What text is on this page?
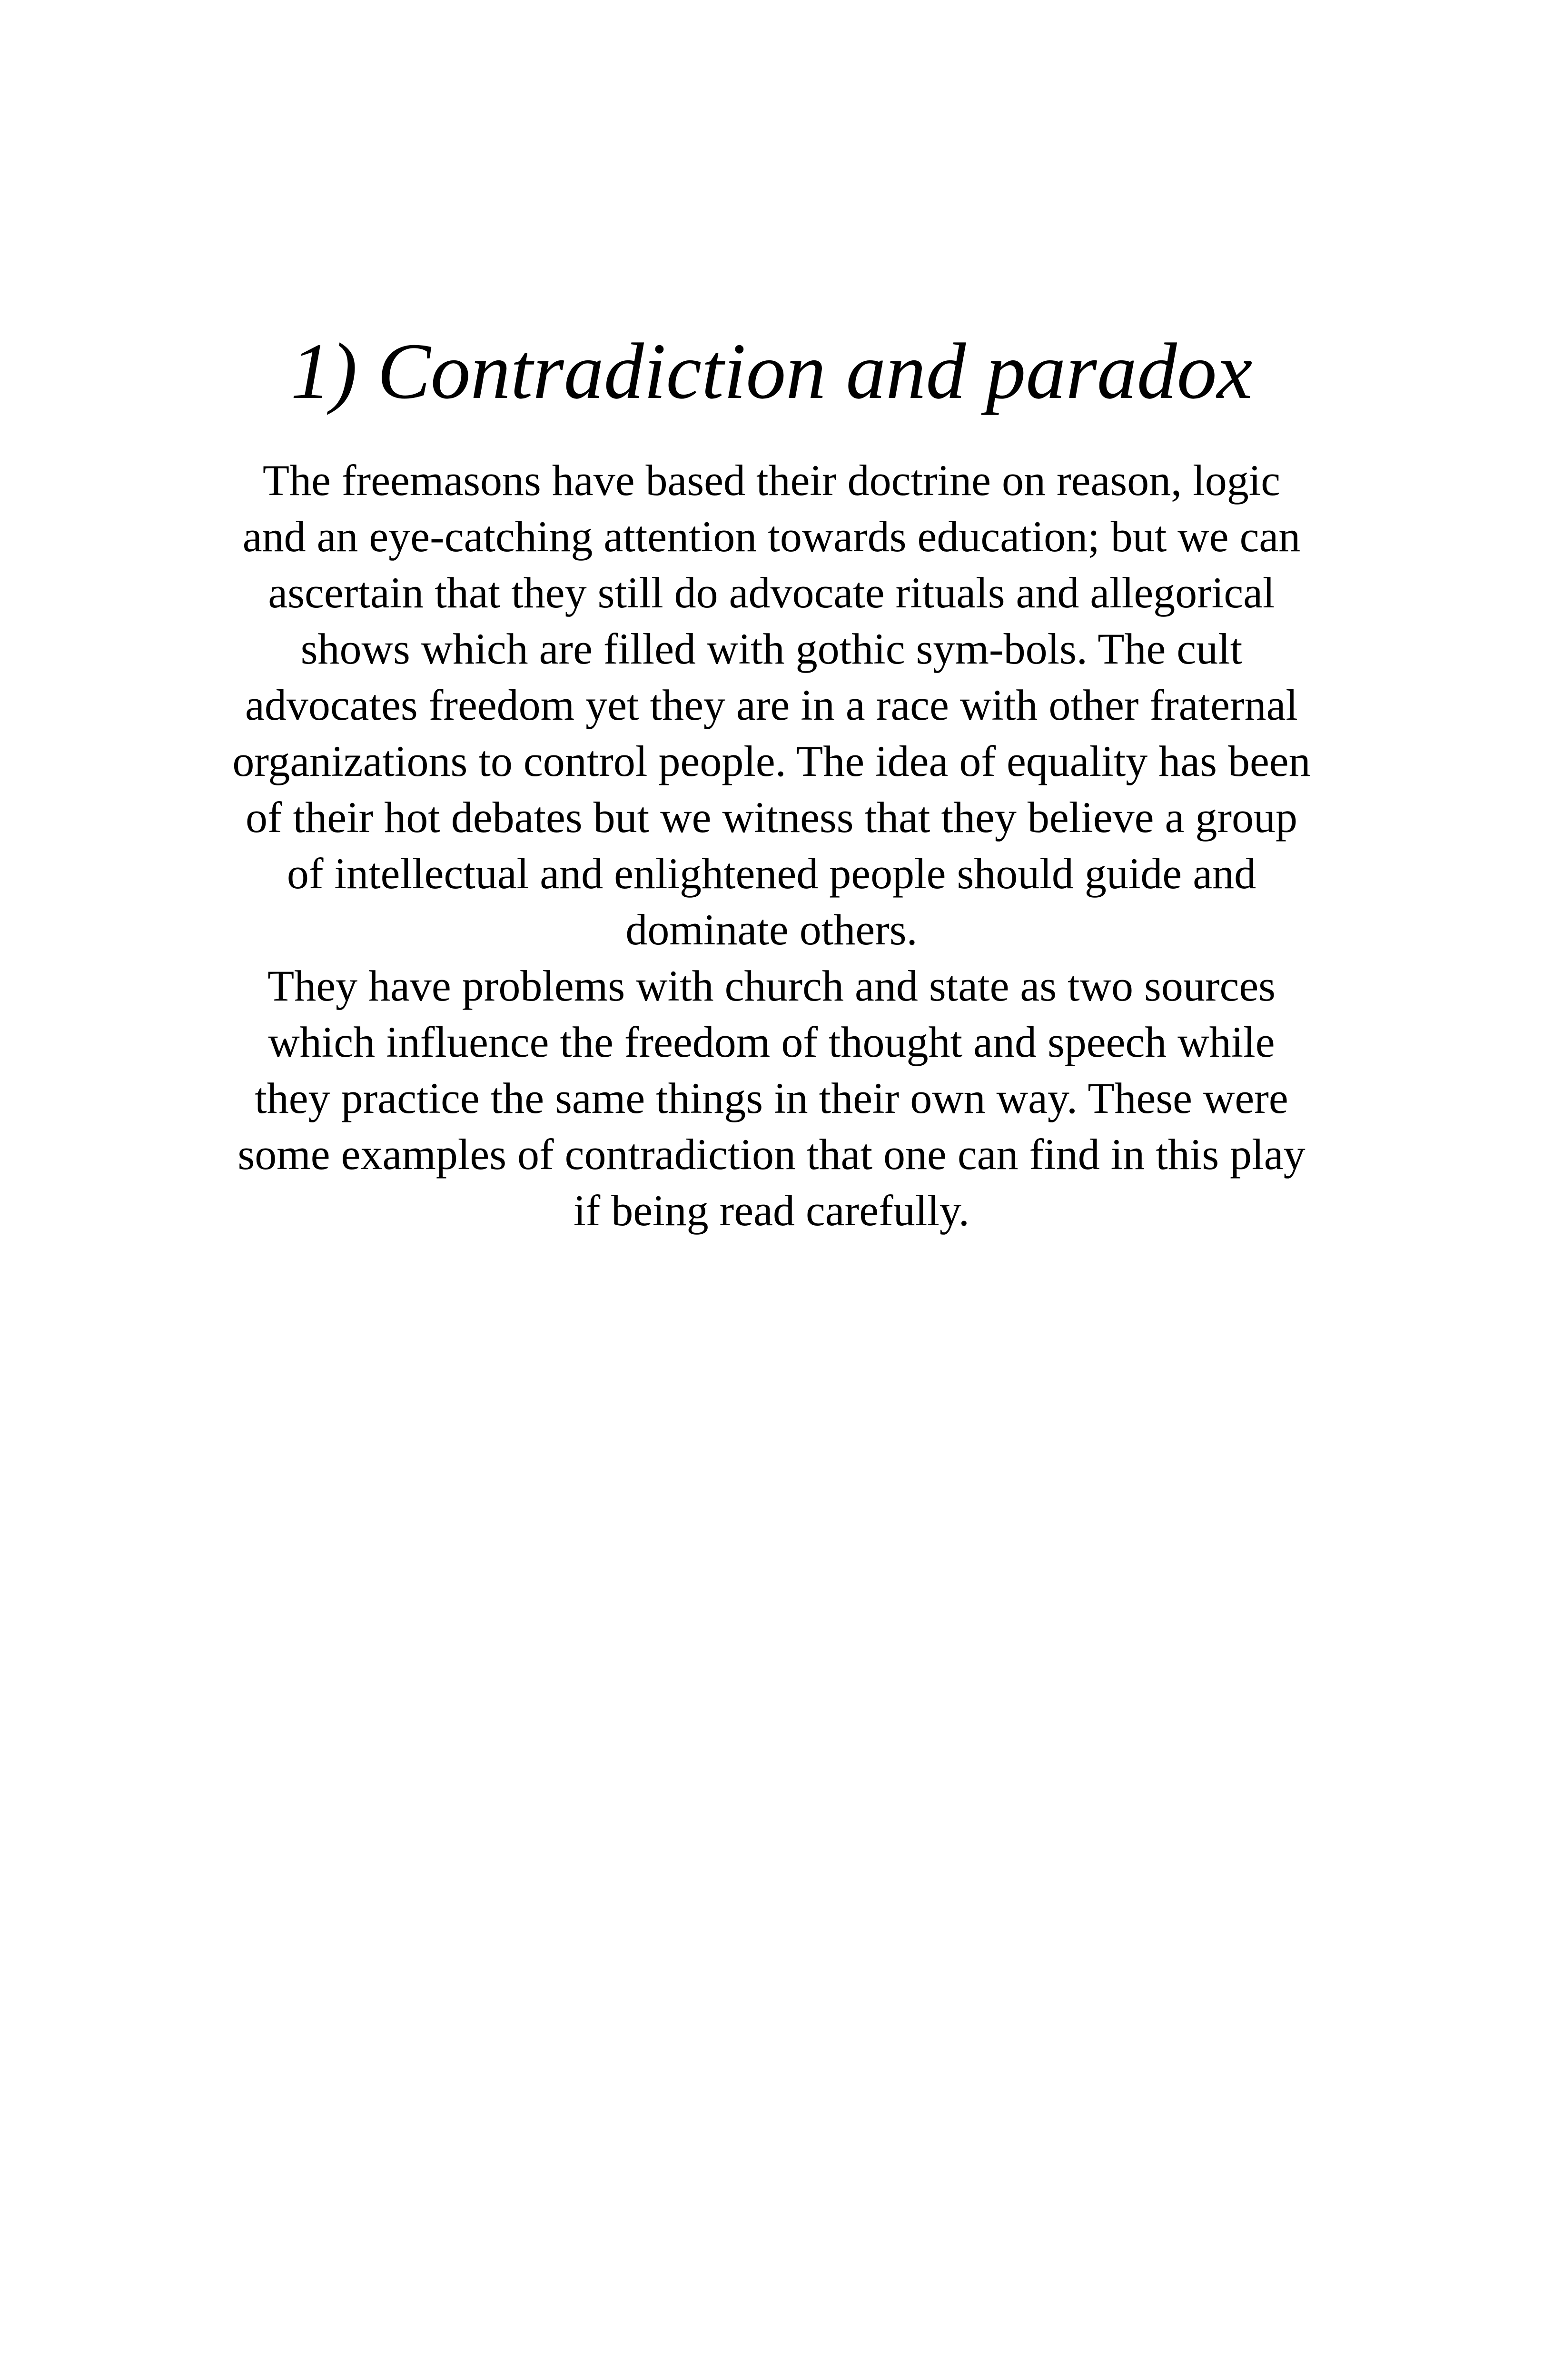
1) Contradiction and paradox
The freemasons have based their doctrine on reason, logic
and an eye-catching attention towards education; but we can
ascertain that they still do advocate rituals and allegorical
shows which are filled with gothic sym-bols. The cult
advocates freedom yet they are in a race with other fraternal
organizations to control people. The idea of equality has been
of their hot debates but we witness that they believe a group
of intellectual and enlightened people should guide and
dominate others.
They have problems with church and state as two sources
which influence the freedom of thought and speech while
they practice the same things in their own way. These were
some examples of contradiction that one can find in this play
if being read carefully.
